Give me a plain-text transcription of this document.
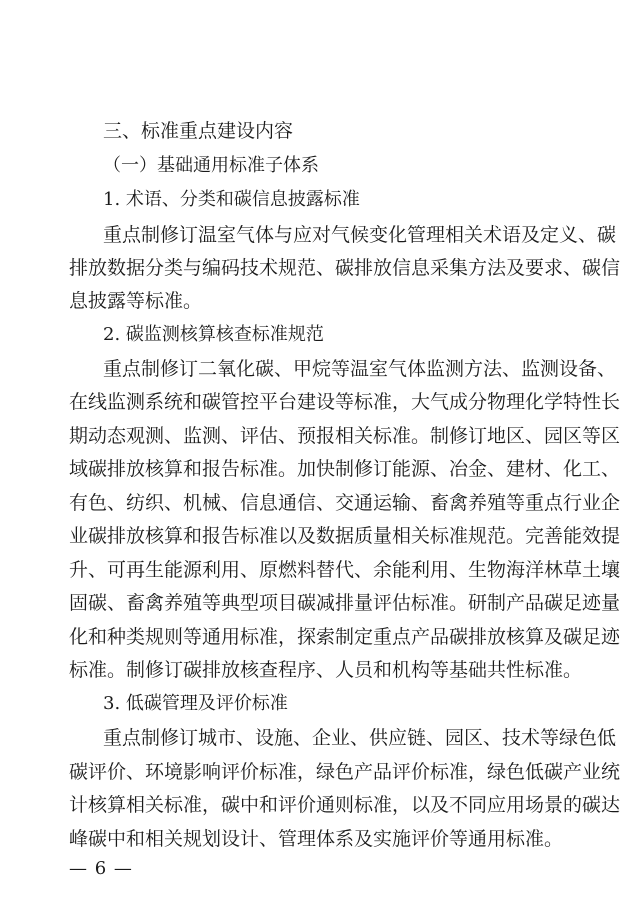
三、标准重点建设内容
（一）基础通用标准子体系
1. 术语、分类和碳信息披露标准
重点制修订温室气体与应对气候变化管理相关术语及定义、碳
排放数据分类与编码技术规范、碳排放信息采集方法及要求、碳信
息披露等标准。
2. 碳监测核算核查标准规范
重点制修订二氧化碳、甲烷等温室气体监测方法、监测设备、
在线监测系统和碳管控平台建设等标准，大气成分物理化学特性长
期动态观测、监测、评估、预报相关标准。制修订地区、园区等区
域碳排放核算和报告标准。加快制修订能源、冶金、建材、化工、
有色、纺织、机械、信息通信、交通运输、畜禽养殖等重点行业企
业碳排放核算和报告标准以及数据质量相关标准规范。完善能效提
升、可再生能源利用、原燃料替代、余能利用、生物海洋林草土壤
固碳、畜禽养殖等典型项目碳减排量评估标准。研制产品碳足迹量
化和种类规则等通用标准，探索制定重点产品碳排放核算及碳足迹
标准。制修订碳排放核查程序、人员和机构等基础共性标准。
3. 低碳管理及评价标准
重点制修订城市、设施、企业、供应链、园区、技术等绿色低
碳评价、环境影响评价标准，绿色产品评价标准，绿色低碳产业统
计核算相关标准，碳中和评价通则标准，以及不同应用场景的碳达
峰碳中和相关规划设计、管理体系及实施评价等通用标准。
— 6 —
